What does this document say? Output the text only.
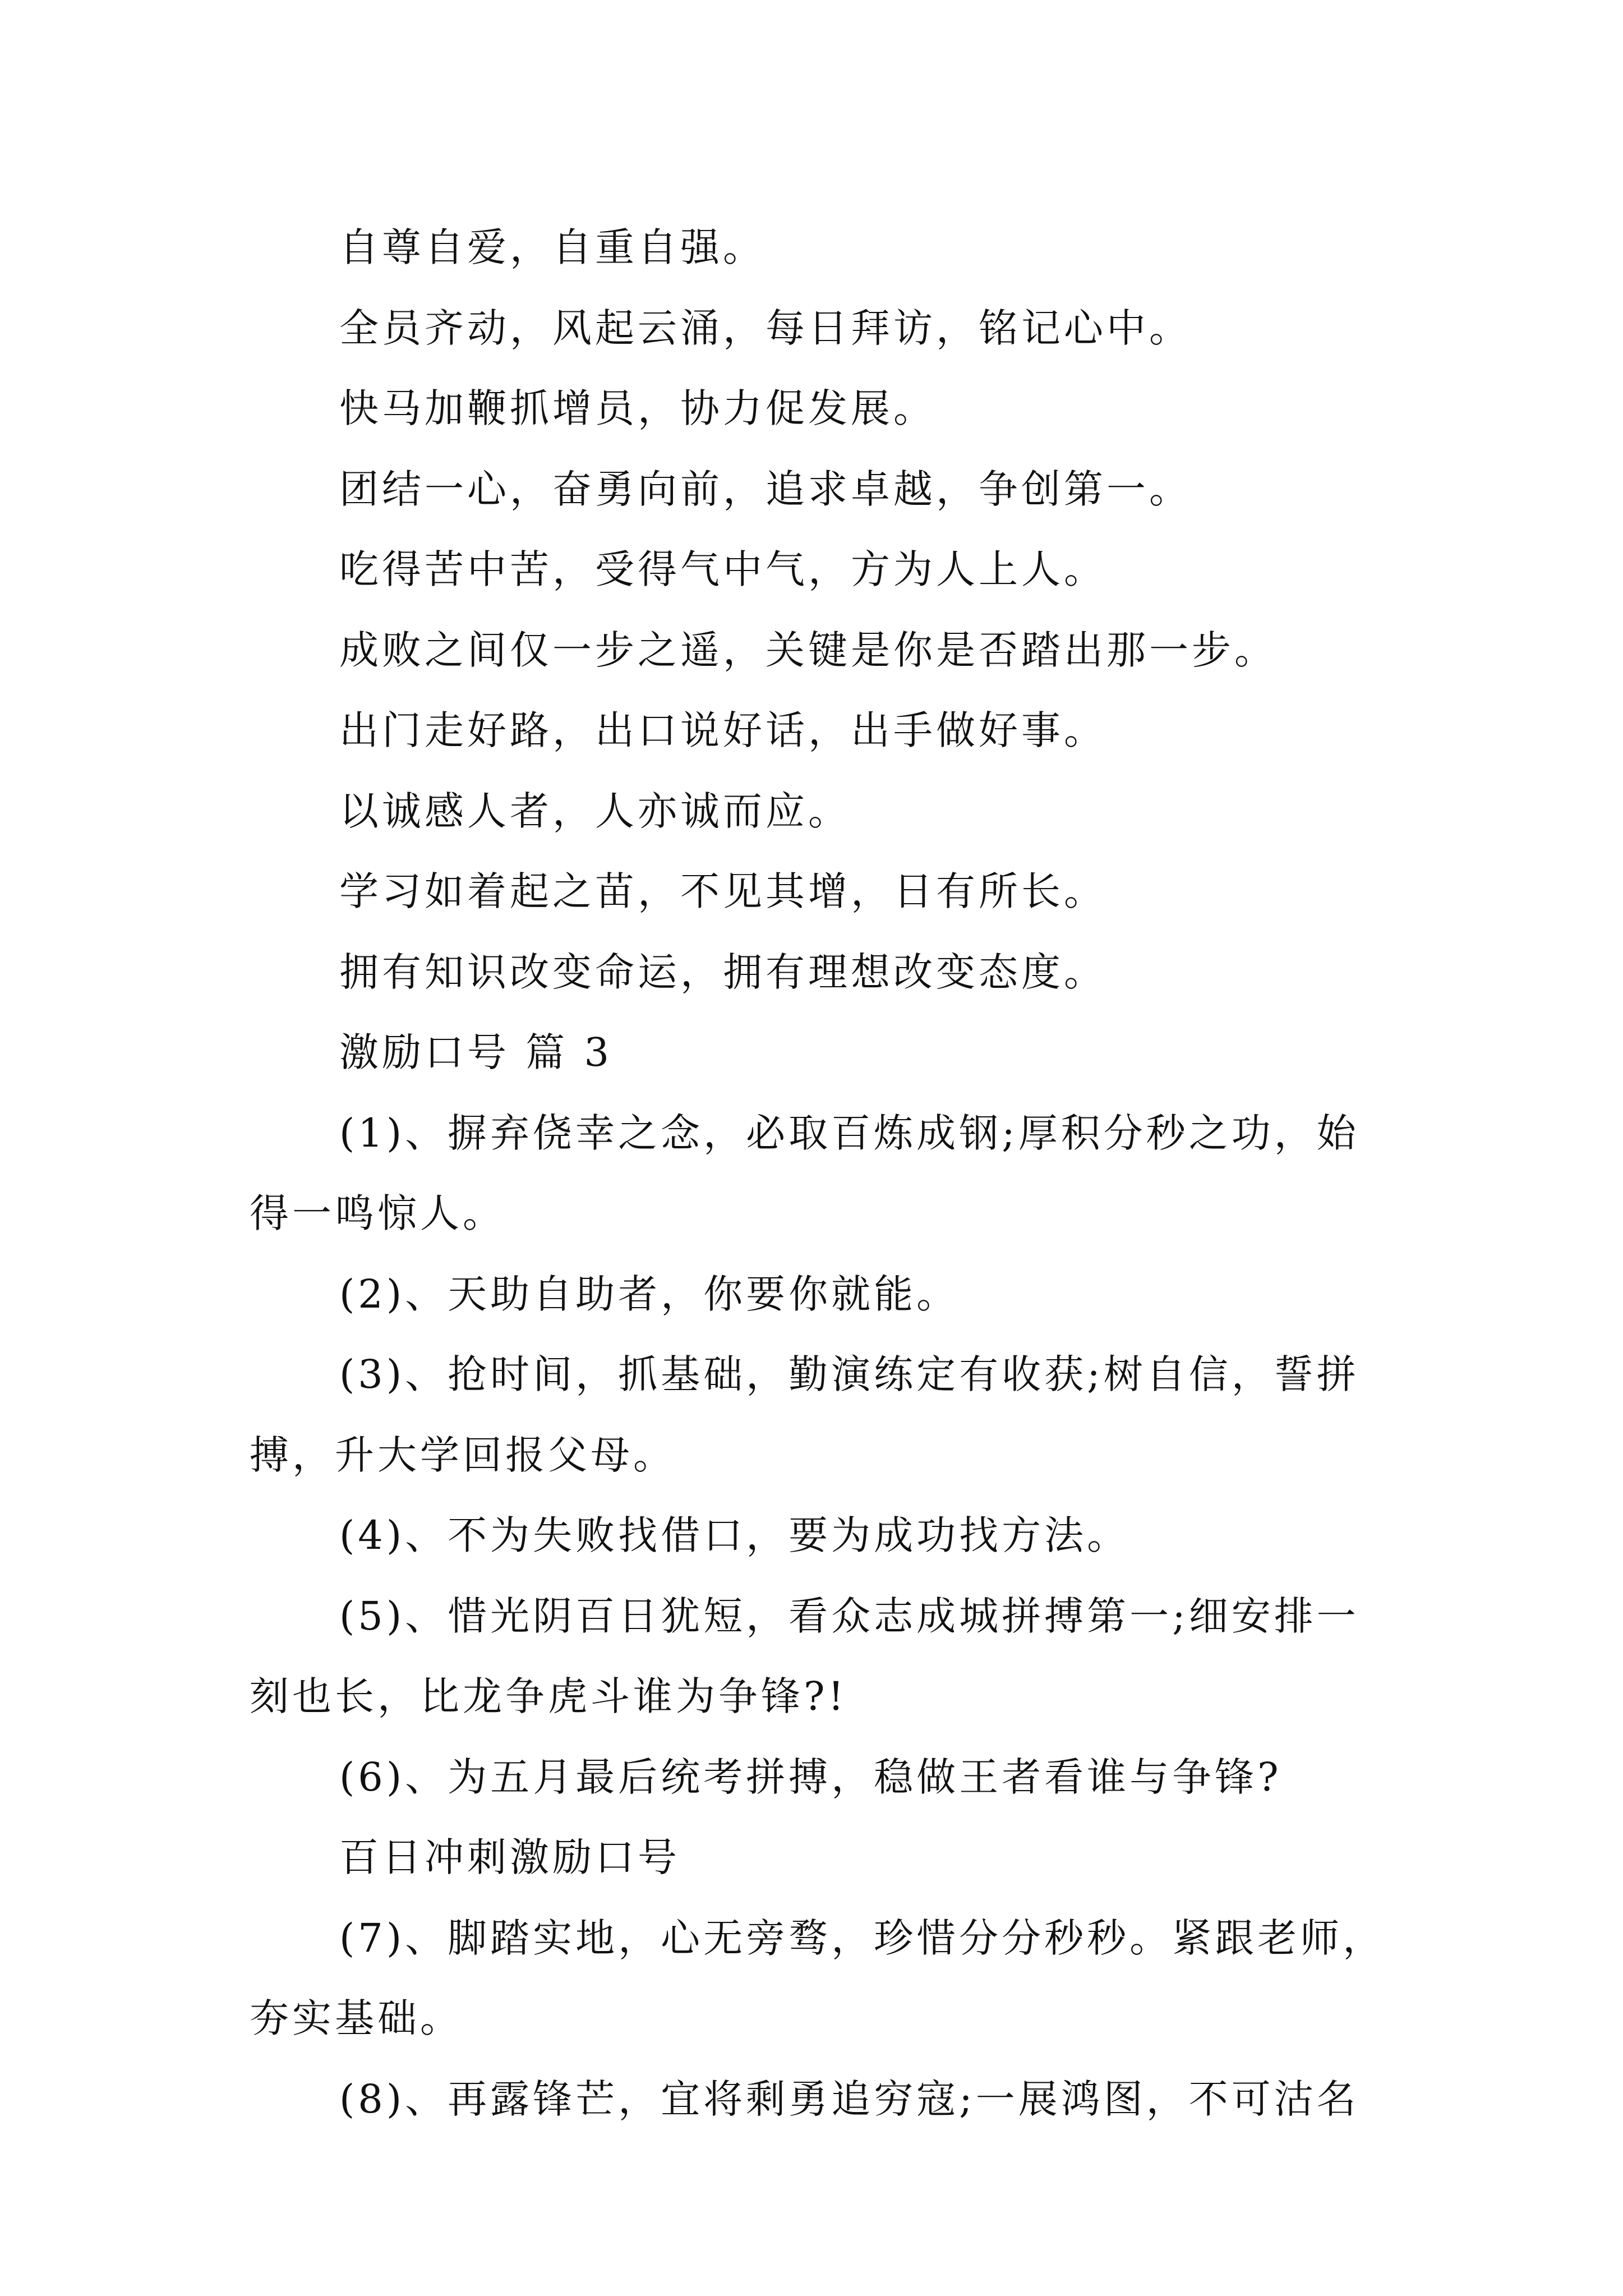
自尊自爱，自重自强。
全员齐动，风起云涌，每日拜访，铭记心中。
快马加鞭抓增员，协力促发展。
团结一心，奋勇向前，追求卓越，争创第一。
吃得苦中苦，受得气中气，方为人上人。
成败之间仅一步之遥，关键是你是否踏出那一步。
出门走好路，出口说好话，出手做好事。
以诚感人者，人亦诚而应。
学习如着起之苗，不见其增，日有所长。
拥有知识改变命运，拥有理想改变态度。
激励口号 篇 3
(1)、摒弃侥幸之念，必取百炼成钢;厚积分秒之功，始
得一鸣惊人。
(2)、天助自助者，你要你就能。
(3)、抢时间，抓基础，勤演练定有收获;树自信，誓拼
搏，升大学回报父母。
(4)、不为失败找借口，要为成功找方法。
(5)、惜光阴百日犹短，看众志成城拼搏第一;细安排一
刻也长，比龙争虎斗谁为争锋?!
(6)、为五月最后统考拼搏，稳做王者看谁与争锋?
百日冲刺激励口号
(7)、脚踏实地，心无旁骛，珍惜分分秒秒。紧跟老师，
夯实基础。
(8)、再露锋芒，宜将剩勇追穷寇;一展鸿图，不可沽名
